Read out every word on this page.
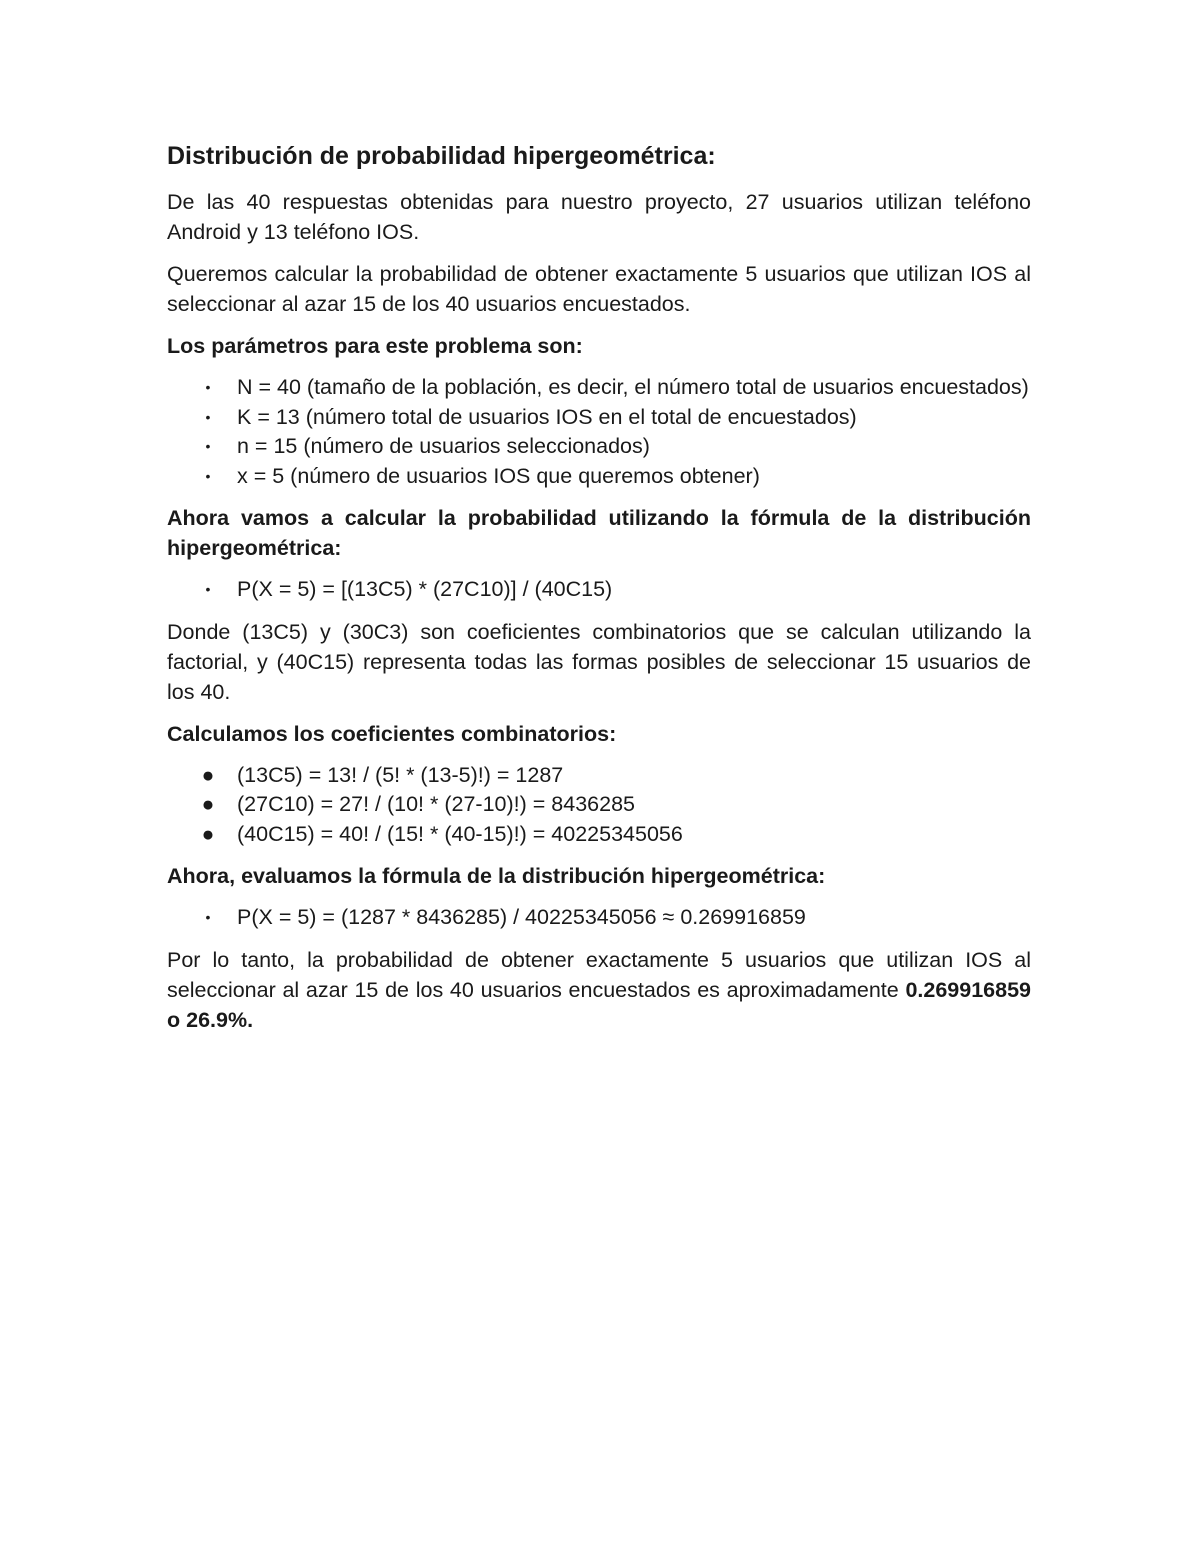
Distribución de probabilidad hipergeométrica:

De las 40 respuestas obtenidas para nuestro proyecto, 27 usuarios utilizan teléfono Android y 13 teléfono IOS.

Queremos calcular la probabilidad de obtener exactamente 5 usuarios que utilizan IOS al seleccionar al azar 15 de los 40 usuarios encuestados.

Los parámetros para este problema son:
• N = 40 (tamaño de la población, es decir, el número total de usuarios encuestados)
• K = 13 (número total de usuarios IOS en el total de encuestados)
• n = 15 (número de usuarios seleccionados)
• x = 5 (número de usuarios IOS que queremos obtener)
Ahora vamos a calcular la probabilidad utilizando la fórmula de la distribución hipergeométrica:
• P(X = 5) = [(13C5) * (27C10)] / (40C15)

Donde (13C5) y (30C3) son coeficientes combinatorios que se calculan utilizando la factorial, y (40C15) representa todas las formas posibles de seleccionar 15 usuarios de los 40.

Calculamos los coeficientes combinatorios:
● (13C5) = 13! / (5! * (13-5)!) = 1287
● (27C10) = 27! / (10! * (27-10)!) = 8436285
● (40C15) = 40! / (15! * (40-15)!) = 40225345056
Ahora, evaluamos la fórmula de la distribución hipergeométrica:
• P(X = 5) = (1287 * 8436285) / 40225345056 ≈ 0.269916859

Por lo tanto, la probabilidad de obtener exactamente 5 usuarios que utilizan IOS al seleccionar al azar 15 de los 40 usuarios encuestados es aproximadamente 0.269916859 o 26.9%.
